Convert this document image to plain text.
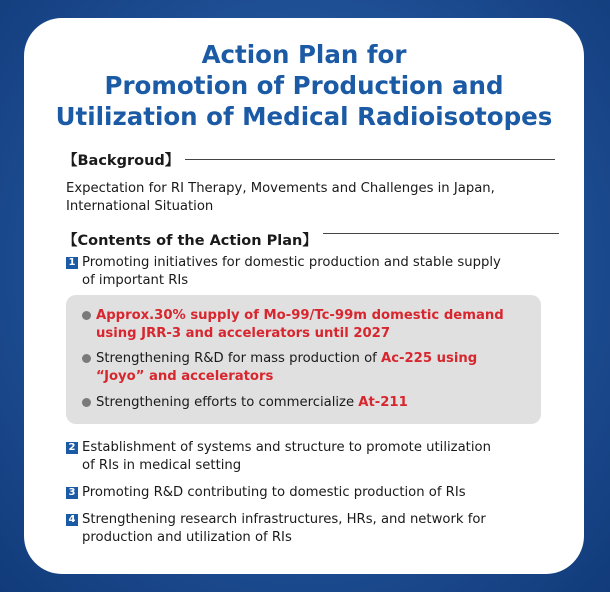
Action Plan for
Promotion of Production and
Utilization of Medical Radioisotopes
【Backgroud】
Expectation for RI Therapy, Movements and Challenges in Japan,
International Situation
【Contents of the Action Plan】
1 Promoting initiatives for domestic production and stable supply
of important RIs
Approx.30% supply of Mo-99/Tc-99m domestic demand
using JRR-3 and accelerators until 2027
Strengthening R&D for mass production of Ac-225 using
“Joyo” and accelerators
Strengthening efforts to commercialize At-211
2 Establishment of systems and structure to promote utilization
of RIs in medical setting
3 Promoting R&D contributing to domestic production of RIs
4 Strengthening research infrastructures, HRs, and network for
production and utilization of RIs
